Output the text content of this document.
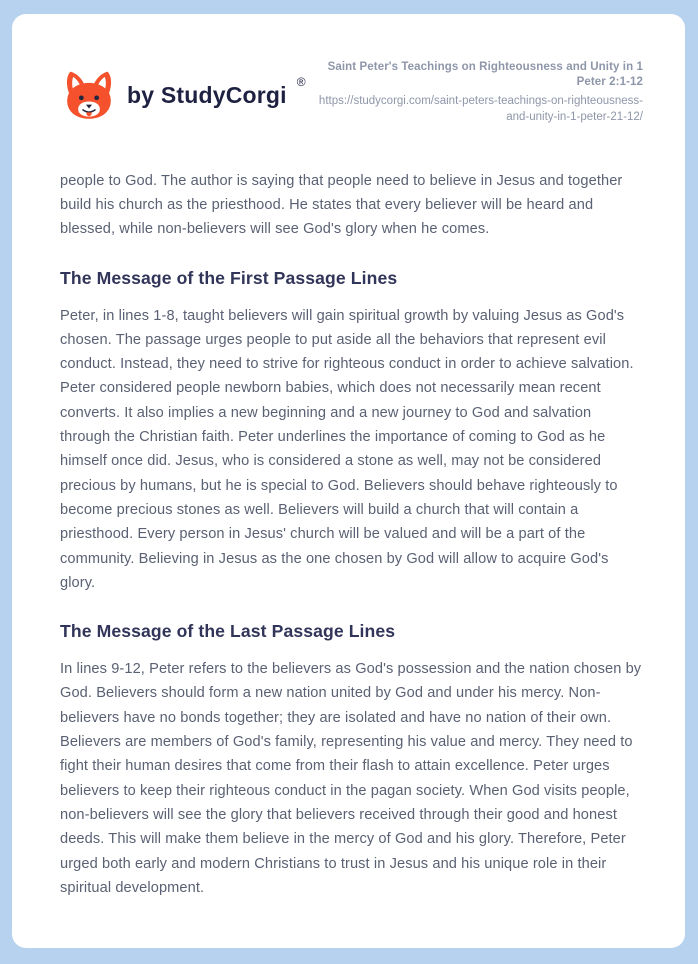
by StudyCorgi ®
Saint Peter's Teachings on Righteousness and Unity in 1 Peter 2:1-12
https://studycorgi.com/saint-peters-teachings-on-righteousness-and-unity-in-1-peter-21-12/

people to God. The author is saying that people need to believe in Jesus and together build his church as the priesthood. He states that every believer will be heard and blessed, while non-believers will see God's glory when he comes.

The Message of the First Passage Lines

Peter, in lines 1-8, taught believers will gain spiritual growth by valuing Jesus as God's chosen. The passage urges people to put aside all the behaviors that represent evil conduct. Instead, they need to strive for righteous conduct in order to achieve salvation. Peter considered people newborn babies, which does not necessarily mean recent converts. It also implies a new beginning and a new journey to God and salvation through the Christian faith. Peter underlines the importance of coming to God as he himself once did. Jesus, who is considered a stone as well, may not be considered precious by humans, but he is special to God. Believers should behave righteously to become precious stones as well. Believers will build a church that will contain a priesthood. Every person in Jesus' church will be valued and will be a part of the community. Believing in Jesus as the one chosen by God will allow to acquire God's glory.

The Message of the Last Passage Lines

In lines 9-12, Peter refers to the believers as God's possession and the nation chosen by God. Believers should form a new nation united by God and under his mercy. Non-believers have no bonds together; they are isolated and have no nation of their own. Believers are members of God's family, representing his value and mercy. They need to fight their human desires that come from their flash to attain excellence. Peter urges believers to keep their righteous conduct in the pagan society. When God visits people, non-believers will see the glory that believers received through their good and honest deeds. This will make them believe in the mercy of God and his glory. Therefore, Peter urged both early and modern Christians to trust in Jesus and his unique role in their spiritual development.
